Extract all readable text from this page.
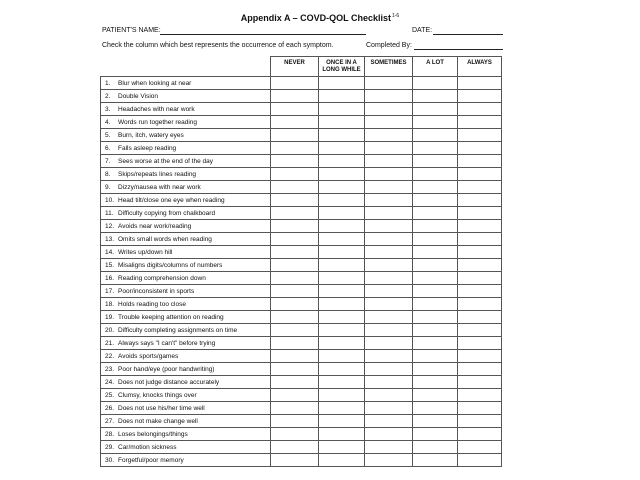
Appendix A – COVD-QOL Checklist$^{1-6}$
PATIENT'S NAME:	DATE:
Check the column which best represents the occurrence of each symptom.	Completed By:
	NEVER	ONCE IN A LONG WHILE	SOMETIMES	A LOT	ALWAYS
1. Blur when looking at near					
2. Double Vision					
3. Headaches with near work					
4. Words run together reading					
5. Burn, itch, watery eyes					
6. Falls asleep reading					
7. Sees worse at the end of the day					
8. Skips/repeats lines reading					
9. Dizzy/nausea with near work					
10. Head tilt/close one eye when reading					
11. Difficulty copying from chalkboard					
12. Avoids near work/reading					
13. Omits small words when reading					
14. Writes up/down hill					
15. Misaligns digits/columns of numbers					
16. Reading comprehension down					
17. Poor/inconsistent in sports					
18. Holds reading too close					
19. Trouble keeping attention on reading					
20. Difficulty completing assignments on time					
21. Always says "I can't" before trying					
22. Avoids sports/games					
23. Poor hand/eye (poor handwriting)					
24. Does not judge distance accurately					
25. Clumsy, knocks things over					
26. Does not use his/her time well					
27. Does not make change well					
28. Loses belongings/things					
29. Car/motion sickness					
30. Forgetful/poor memory					
